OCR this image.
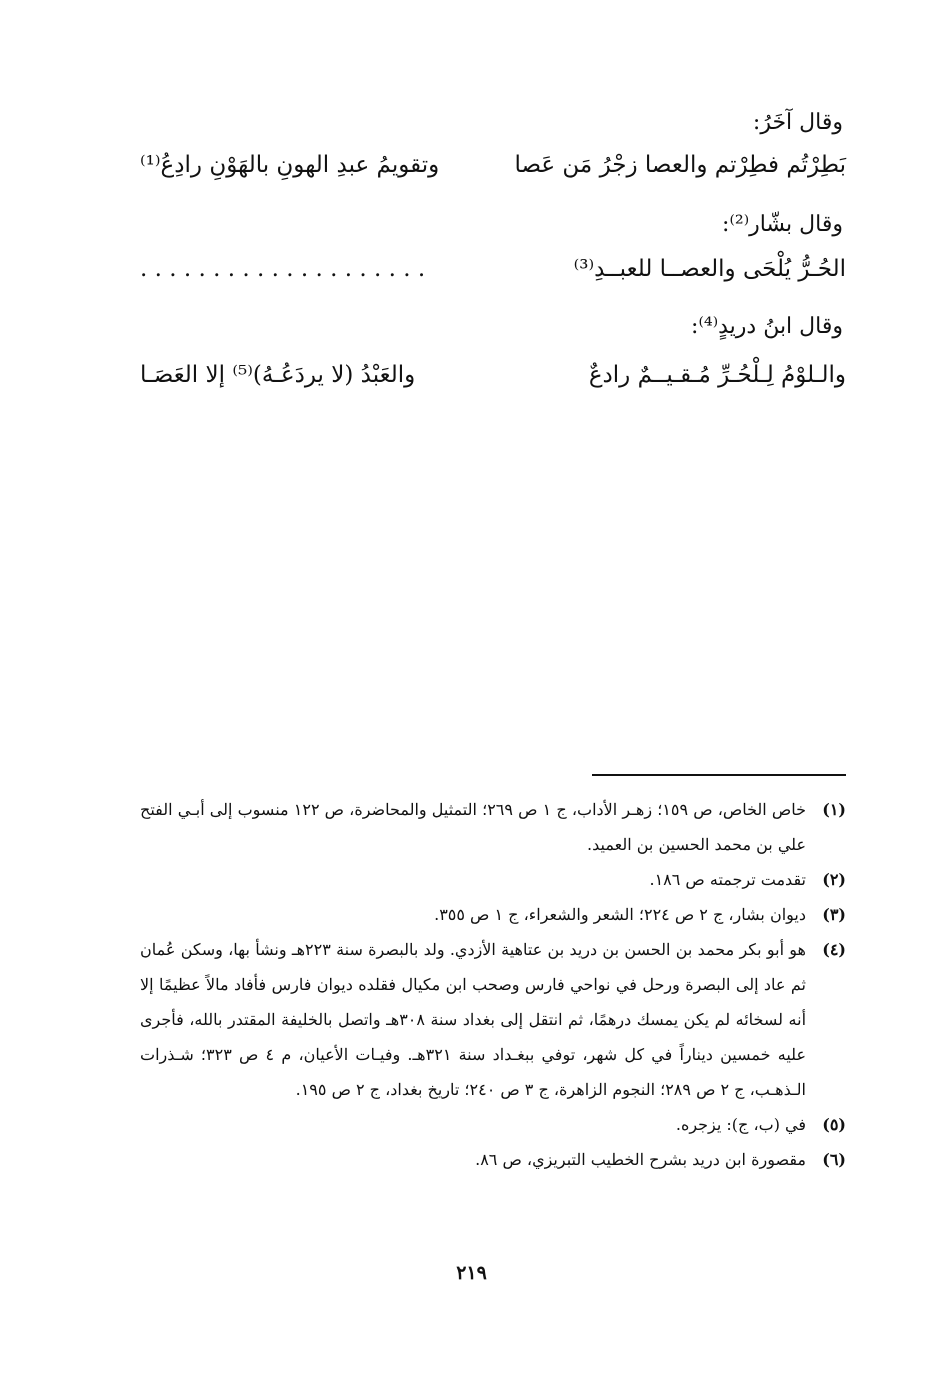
وقال آخَرُ:
بَطِرْتُم فطِرْتم والعصا زجْرُ مَن عَصا
وتقويمُ عبدِ الهونِ بالهَوْنِ رادِعُ⁽¹⁾
وقال بشّار⁽²⁾:
الحُـرُّ يُلْحَى والعصــا للعبــدِ⁽³⁾
. . . . . . . . . . . . . . . . . . . .
وقال ابنُ دريدٍ⁽⁴⁾:
والـلوْمُ لِـلْحُـرِّ مُـقـيــمٌ رادعٌ
والعَبْدُ (لا يردَعُـهُ)⁽⁵⁾ إلا العَصَـا
(١)
خاص الخاص، ص ١٥٩؛ زهـر الأداب، ج ١ ص ٢٦٩؛ التمثيل والمحاضرة، ص ١٢٢ منسوب إلى أبـي الفتح علي بن محمد الحسين بن العميد.
(٢)
تقدمت ترجمته ص ١٨٦.
(٣)
ديوان بشار، ج ٢ ص ٢٢٤؛ الشعر والشعراء، ج ١ ص ٣٥٥.
(٤)
هو أبو بكر محمد بن الحسن بن دريد بن عتاهية الأزدي. ولد بالبصرة سنة ٢٢٣هـ ونشأ بها، وسكن عُمان ثم عاد إلى البصرة ورحل في نواحي فارس وصحب ابن مكيال فقلده ديوان فارس فأفاد مالاً عظيمًا إلا أنه لسخائه لم يكن يمسك درهمًا، ثم انتقل إلى بغداد سنة ٣٠٨هـ واتصل بالخليفة المقتدر بالله، فأجرى عليه خمسين ديناراً في كل شهر، توفي ببغـداد سنة ٣٢١هـ. وفيـات الأعيان، م ٤ ص ٣٢٣؛ شـذرات الـذهـب، ج ٢ ص ٢٨٩؛ النجوم الزاهرة، ج ٣ ص ٢٤٠؛ تاريخ بغداد، ج ٢ ص ١٩٥.
(٥)
في (ب، ج): يزجره.
(٦)
مقصورة ابن دريد بشرح الخطيب التبريزي، ص ٨٦.
٢١٩
